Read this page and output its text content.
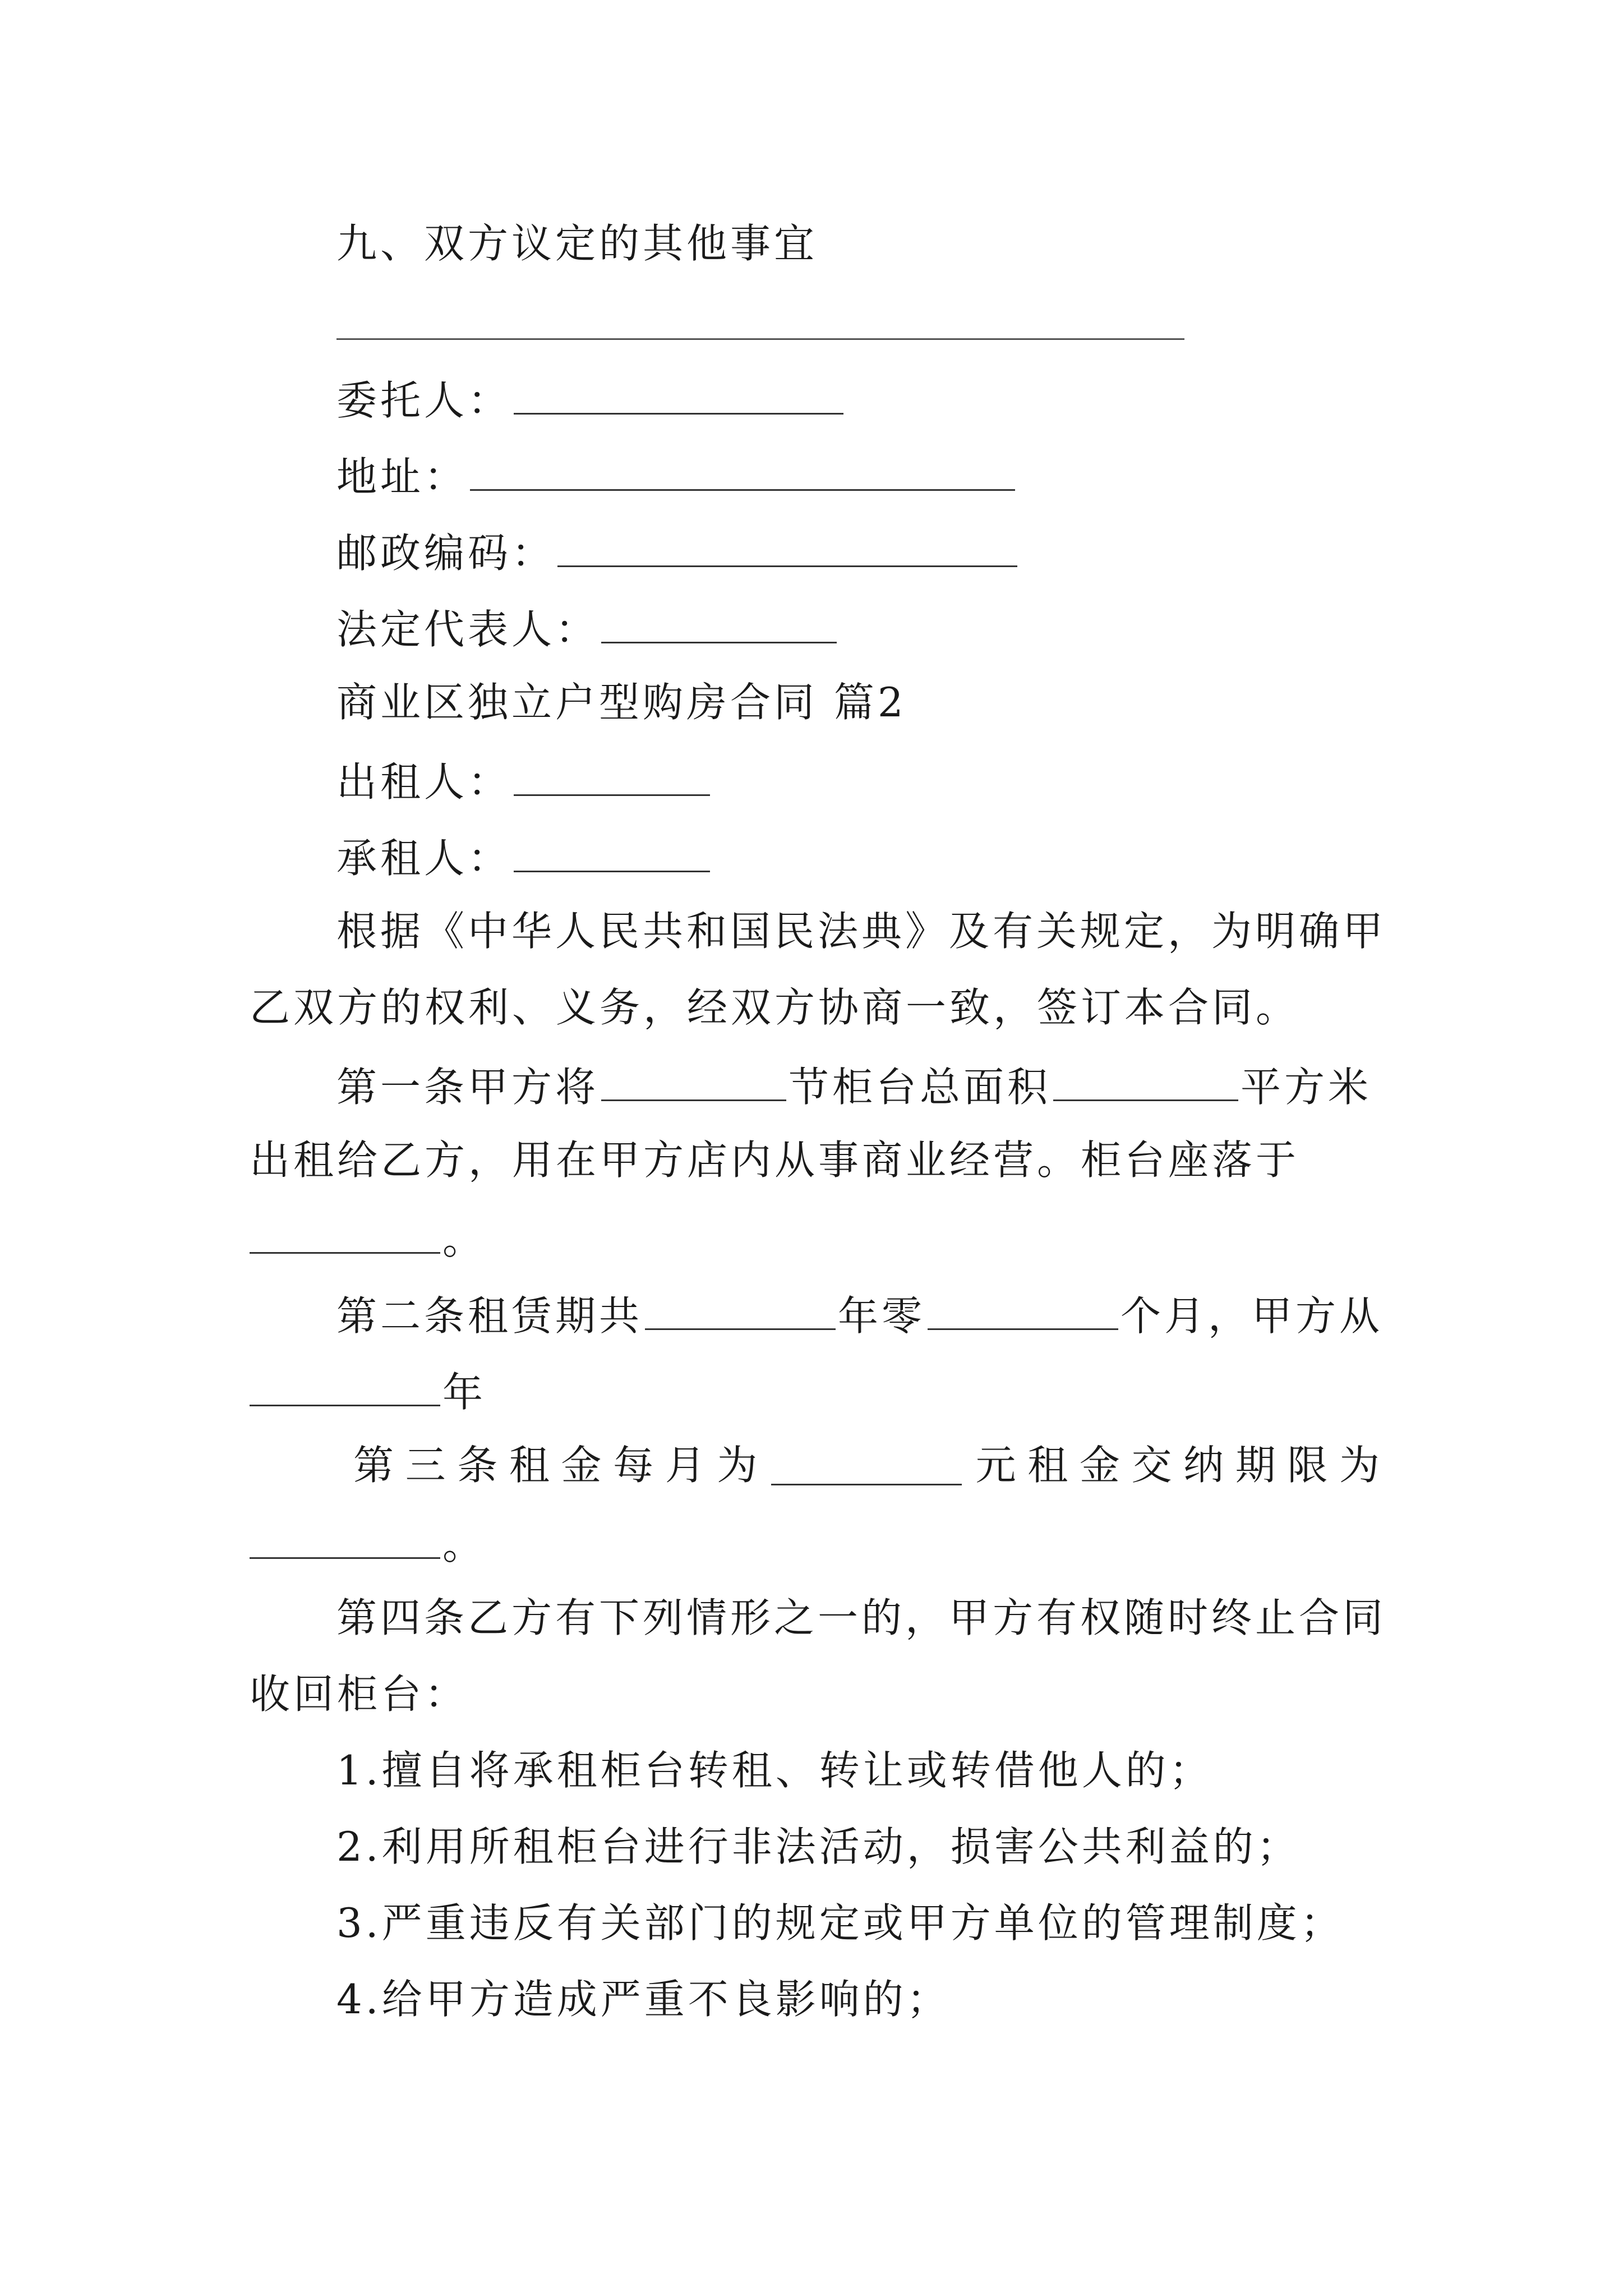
九、双方议定的其他事宜
委托人：
地址：
邮政编码：
法定代表人：
商业区独立户型购房合同 篇2
出租人：
承租人：
根据《中华人民共和国民法典》及有关规定，为明确甲
乙双方的权利、义务，经双方协商一致，签订本合同。
第一条甲方将	节柜台总面积	平方米
出租给乙方，用在甲方店内从事商业经营。柜台座落于
。
第二条租赁期共	年零	个月，甲方从
年
第 三 条 租 金 每 月 为	元 租 金 交 纳 期 限 为
。
第四条乙方有下列情形之一的，甲方有权随时终止合同
收回柜台：
1.擅自将承租柜台转租、转让或转借他人的；
2.利用所租柜台进行非法活动，损害公共利益的；
3.严重违反有关部门的规定或甲方单位的管理制度；
4.给甲方造成严重不良影响的；
